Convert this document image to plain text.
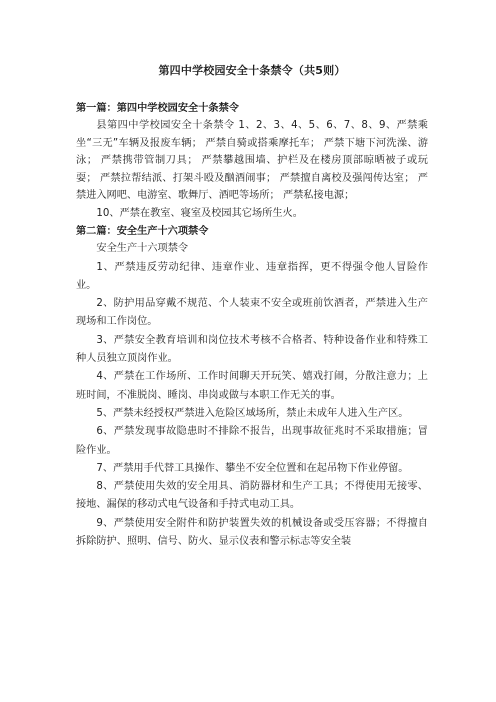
第四中学校园安全十条禁令（共5则）

第一篇：第四中学校园安全十条禁令

县第四中学校园安全十条禁令 1、2、3、4、5、6、7、8、9、严禁乘坐“三无”车辆及报废车辆； 严禁自骑或搭乘摩托车； 严禁下塘下河洗澡、游泳； 严禁携带管制刀具； 严禁攀越围墙、护栏及在楼房顶部晾晒被子或玩耍； 严禁拉帮结派、打架斗殴及酗酒闹事； 严禁擅自离校及强闯传达室； 严禁进入网吧、电游室、歌舞厅、酒吧等场所； 严禁私接电源；

10、严禁在教室、寝室及校园其它场所生火。

第二篇：安全生产十六项禁令

安全生产十六项禁令

1、严禁违反劳动纪律、违章作业、违章指挥，更不得强令他人冒险作业。

2、防护用品穿戴不规范、个人装束不安全或班前饮酒者，严禁进入生产现场和工作岗位。

3、严禁安全教育培训和岗位技术考核不合格者、特种设备作业和特殊工种人员独立顶岗作业。

4、严禁在工作场所、工作时间聊天开玩笑、嬉戏打闹，分散注意力；上班时间，不准脱岗、睡岗、串岗或做与本职工作无关的事。

5、严禁未经授权严禁进入危险区域场所，禁止未成年人进入生产区。

6、严禁发现事故隐患时不排除不报告，出现事故征兆时不采取措施；冒险作业。

7、严禁用手代替工具操作、攀坐不安全位置和在起吊物下作业停留。

8、严禁使用失效的安全用具、消防器材和生产工具；不得使用无接零、接地、漏保的移动式电气设备和手持式电动工具。

9、严禁使用安全附件和防护装置失效的机械设备或受压容器；不得擅自拆除防护、照明、信号、防火、显示仪表和警示标志等安全装
